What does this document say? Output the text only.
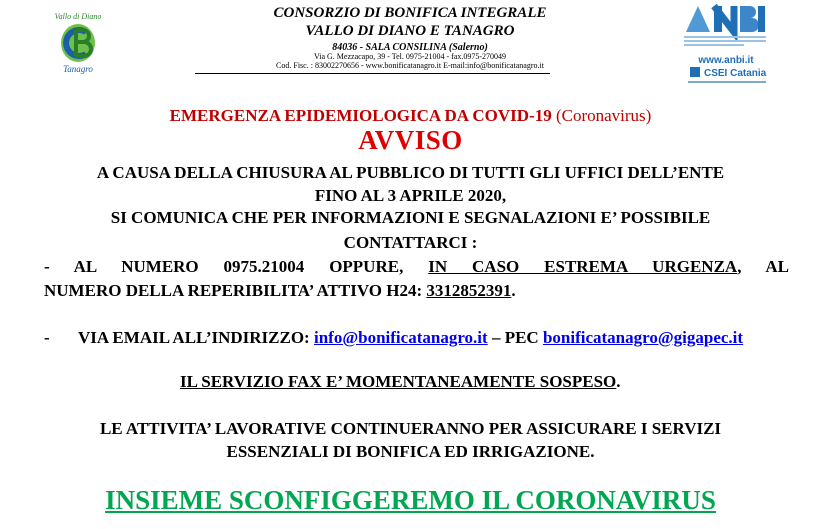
Vallo di Diano
Tanagro
CONSORZIO DI BONIFICA INTEGRALE
VALLO DI DIANO E TANAGRO
84036 - SALA CONSILINA (Salerno)
Via G. Mezzacapo, 39 - Tel. 0975-21004 - fax.0975-270049
Cod. Fisc. : 83002270656 - www.bonificatanagro.it E-mail:info@bonificatanagro.it	www.anbi.it
CSEI Catania
EMERGENZA EPIDEMIOLOGICA DA COVID-19 (Coronavirus)
AVVISO
A CAUSA DELLA CHIUSURA AL PUBBLICO DI TUTTI GLI UFFICI DELL’ENTE
FINO AL 3 APRILE 2020,
SI COMUNICA CHE PER INFORMAZIONI E SEGNALAZIONI E’ POSSIBILE
CONTATTARCI :
- AL NUMERO 0975.21004 OPPURE, IN CASO ESTREMA URGENZA, AL
NUMERO DELLA REPERIBILITA’ ATTIVO H24: 3312852391.
- VIA EMAIL ALL’INDIRIZZO: info@bonificatanagro.it – PEC bonificatanagro@gigapec.it
IL SERVIZIO FAX E’ MOMENTANEAMENTE SOSPESO.
LE ATTIVITA’ LAVORATIVE CONTINUERANNO PER ASSICURARE I SERVIZI
ESSENZIALI DI BONIFICA ED IRRIGAZIONE.
INSIEME SCONFIGGEREMO IL CORONAVIRUS
